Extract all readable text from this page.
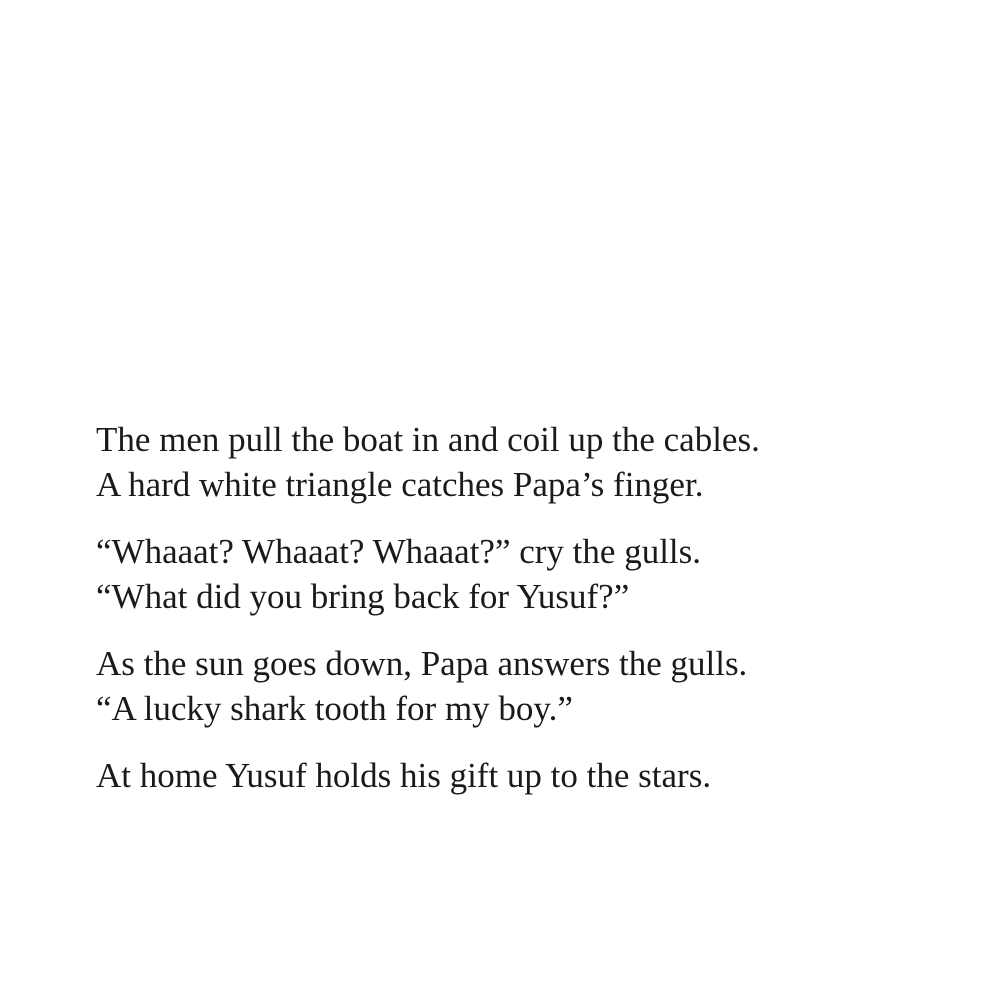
The men pull the boat in and coil up the cables.
A hard white triangle catches Papa’s finger.

“Whaaat? Whaaat? Whaaat?” cry the gulls.
“What did you bring back for Yusuf?”

As the sun goes down, Papa answers the gulls.
“A lucky shark tooth for my boy.”

At home Yusuf holds his gift up to the stars.
